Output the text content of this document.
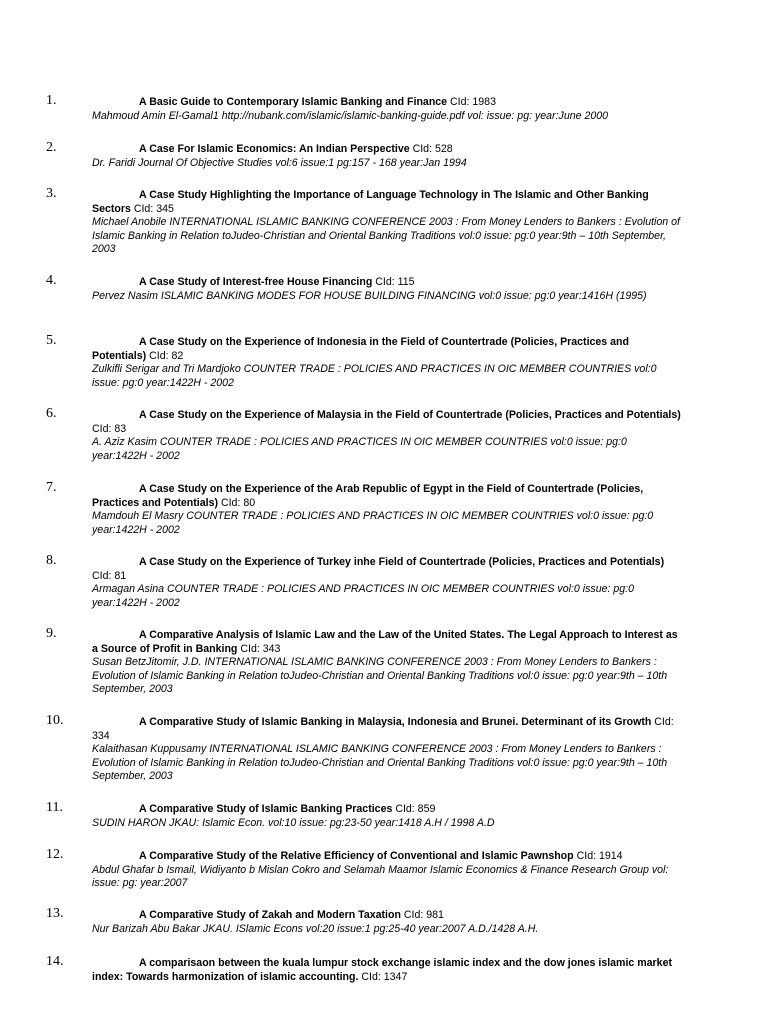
1.	A Basic Guide to Contemporary Islamic Banking and Finance CId: 1983
Mahmoud Amin El-Gamal1 http://nubank.com/islamic/islamic-banking-guide.pdf vol: issue: pg: year:June 2000
2.	A Case For Islamic Economics: An Indian Perspective CId: 528
Dr. Faridi Journal Of Objective Studies vol:6 issue:1 pg:157 - 168 year:Jan 1994
3.	A Case Study Highlighting the Importance of Language Technology in The Islamic and Other Banking Sectors CId: 345
Michael Anobile INTERNATIONAL ISLAMIC BANKING CONFERENCE 2003 : From Money Lenders to Bankers : Evolution of Islamic Banking in Relation toJudeo-Christian and Oriental Banking Traditions vol:0 issue: pg:0 year:9th – 10th September, 2003
4.	A Case Study of Interest-free House Financing CId: 115
Pervez Nasim ISLAMIC BANKING MODES FOR HOUSE BUILDING FINANCING vol:0 issue: pg:0 year:1416H (1995)
5.	A Case Study on the Experience of Indonesia in the Field of Countertrade (Policies, Practices and Potentials) CId: 82
Zulkifli Serigar and Tri Mardjoko COUNTER TRADE : POLICIES AND PRACTICES IN OIC MEMBER COUNTRIES vol:0 issue: pg:0 year:1422H - 2002
6.	A Case Study on the Experience of Malaysia in the Field of Countertrade (Policies, Practices and Potentials) CId: 83
A. Aziz Kasim COUNTER TRADE : POLICIES AND PRACTICES IN OIC MEMBER COUNTRIES vol:0 issue: pg:0 year:1422H - 2002
7.	A Case Study on the Experience of the Arab Republic of Egypt in the Field of Countertrade (Policies, Practices and Potentials) CId: 80
Mamdouh El Masry COUNTER TRADE : POLICIES AND PRACTICES IN OIC MEMBER COUNTRIES vol:0 issue: pg:0 year:1422H - 2002
8.	A Case Study on the Experience of Turkey inhe Field of Countertrade (Policies, Practices and Potentials) CId: 81
Armagan Asina COUNTER TRADE : POLICIES AND PRACTICES IN OIC MEMBER COUNTRIES vol:0 issue: pg:0 year:1422H - 2002
9.	A Comparative Analysis of Islamic Law and the Law of the United States. The Legal Approach to Interest as a Source of Profit in Banking CId: 343
Susan BetzJitomir, J.D. INTERNATIONAL ISLAMIC BANKING CONFERENCE 2003 : From Money Lenders to Bankers : Evolution of Islamic Banking in Relation toJudeo-Christian and Oriental Banking Traditions vol:0 issue: pg:0 year:9th – 10th September, 2003
10.	A Comparative Study of Islamic Banking in Malaysia, Indonesia and Brunei. Determinant of its Growth CId: 334
Kalaithasan Kuppusamy INTERNATIONAL ISLAMIC BANKING CONFERENCE 2003 : From Money Lenders to Bankers : Evolution of Islamic Banking in Relation toJudeo-Christian and Oriental Banking Traditions vol:0 issue: pg:0 year:9th – 10th September, 2003
11.	A Comparative Study of Islamic Banking Practices CId: 859
SUDIN HARON JKAU: Islamic Econ. vol:10 issue: pg:23-50 year:1418 A.H / 1998 A.D
12.	A Comparative Study of the Relative Efficiency of Conventional and Islamic Pawnshop CId: 1914
Abdul Ghafar b Ismail, Widiyanto b Mislan Cokro and Selamah Maamor Islamic Economics & Finance Research Group vol: issue: pg: year:2007
13.	A Comparative Study of Zakah and Modern Taxation CId: 981
Nur Barizah Abu Bakar JKAU. ISlamic Econs vol:20 issue:1 pg:25-40 year:2007 A.D./1428 A.H.
14.	A comparisaon between the kuala lumpur stock exchange islamic index and the dow jones islamic market index: Towards harmonization of islamic accounting. CId: 1347
